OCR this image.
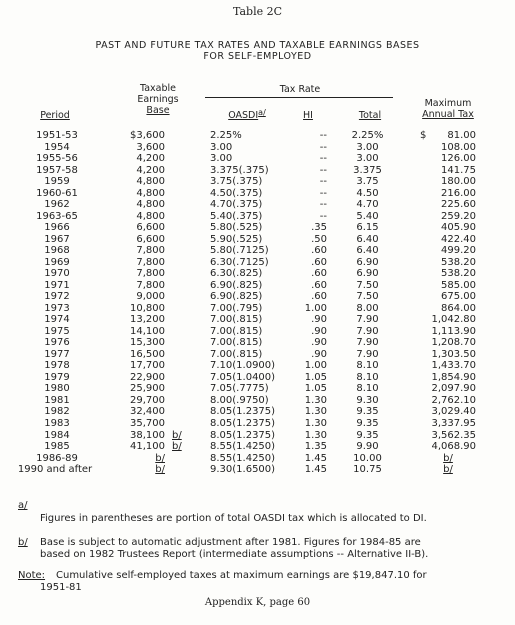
Table 2C
PAST AND FUTURE TAX RATES AND TAXABLE EARNINGS BASES
FOR SELF-EMPLOYED
Taxable
Earnings
Base
Tax Rate
Maximum
Annual Tax
Period	$OASDI^{a/}$	HI	Total
1951-53	$ 3,600	2.25%	--	2.25%	$	81.00
1954	3,600	3.00	--	3.00	108.00
1955-56	4,200	3.00	--	3.00	126.00
1957-58	4,200	3.375(.375)	--	3.375	141.75
1959	4,800	3.75(.375)	--	3.75	180.00
1960-61	4,800	4.50(.375)	--	4.50	216.00
1962	4,800	4.70(.375)	--	4.70	225.60
1963-65	4,800	5.40(.375)	--	5.40	259.20
1966	6,600	5.80(.525)	.35	6.15	405.90
1967	6,600	5.90(.525)	.50	6.40	422.40
1968	7,800	5.80(.7125)	.60	6.40	499.20
1969	7,800	6.30(.7125)	.60	6.90	538.20
1970	7,800	6.30(.825)	.60	6.90	538.20
1971	7,800	6.90(.825)	.60	7.50	585.00
1972	9,000	6.90(.825)	.60	7.50	675.00
1973	10,800	7.00(.795)	1.00	8.00	864.00
1974	13,200	7.00(.815)	.90	7.90	1,042.80
1975	14,100	7.00(.815)	.90	7.90	1,113.90
1976	15,300	7.00(.815)	.90	7.90	1,208.70
1977	16,500	7.00(.815)	.90	7.90	1,303.50
1978	17,700	7.10(1.0900)	1.00	8.10	1,433.70
1979	22,900	7.05(1.0400)	1.05	8.10	1,854.90
1980	25,900	7.05(.7775)	1.05	8.10	2,097.90
1981	29,700	8.00(.9750)	1.30	9.30	2,762.10
1982	32,400	8.05(1.2375)	1.30	9.35	3,029.40
1983	35,700	8.05(1.2375)	1.30	9.35	3,337.95
1984	38,100 b/	8.05(1.2375)	1.30	9.35	3,562.35
1985	41,100 b/	8.55(1.4250)	1.35	9.90	4,068.90
1986-89	b/	8.55(1.4250)	1.45	10.00	b/
1990 and after	b/	9.30(1.6500)	1.45	10.75	b/
a/
Figures in parentheses are portion of total OASDI tax which is allocated to DI.
b/ Base is subject to automatic adjustment after 1981. Figures for 1984-85 are
based on 1982 Trustees Report (intermediate assumptions -- Alternative II-B).
Note: Cumulative self-employed taxes at maximum earnings are $19,847.10 for
1951-81
Appendix K, page 60
